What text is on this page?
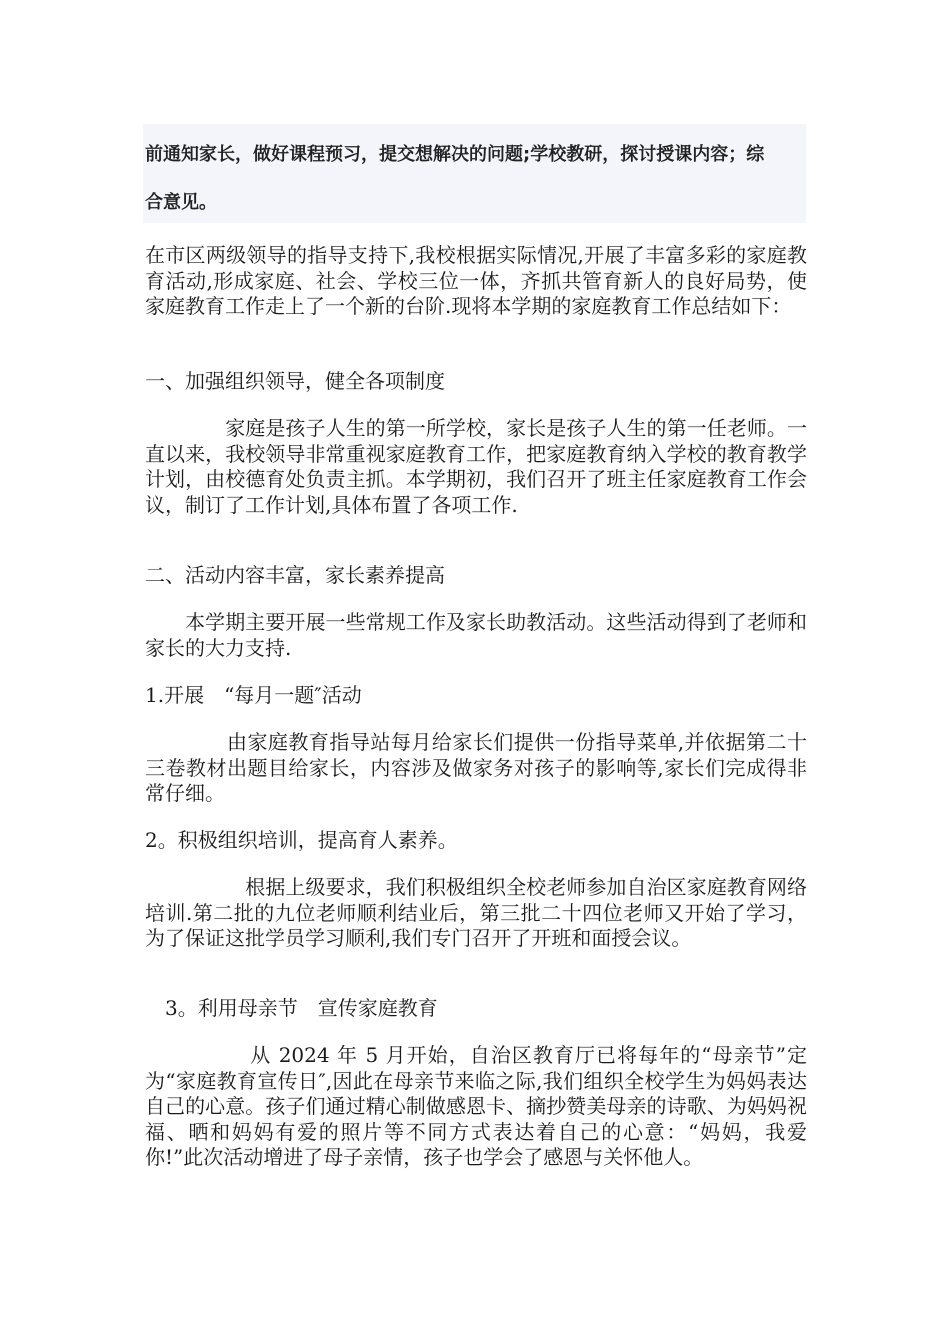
前通知家长，做好课程预习，提交想解决的问题;学校教研，探讨授课内容；综

合意见。

在市区两级领导的指导支持下,我校根据实际情况,开展了丰富多彩的家庭教育活动,形成家庭、社会、学校三位一体，齐抓共管育新人的良好局势，使家庭教育工作走上了一个新的台阶.现将本学期的家庭教育工作总结如下：

一、加强组织领导，健全各项制度

　　　　家庭是孩子人生的第一所学校，家长是孩子人生的第一任老师。一直以来，我校领导非常重视家庭教育工作，把家庭教育纳入学校的教育教学计划，由校德育处负责主抓。本学期初，我们召开了班主任家庭教育工作会议，制订了工作计划,具体布置了各项工作.

二、活动内容丰富，家长素养提高

　　本学期主要开展一些常规工作及家长助教活动。这些活动得到了老师和家长的大力支持.

1.开展　“每月一题″活动

　　　　由家庭教育指导站每月给家长们提供一份指导菜单,并依据第二十三卷教材出题目给家长，内容涉及做家务对孩子的影响等,家长们完成得非常仔细。

2。积极组织培训，提高育人素养。

　　　　　根据上级要求，我们积极组织全校老师参加自治区家庭教育网络培训.第二批的九位老师顺利结业后，第三批二十四位老师又开始了学习，为了保证这批学员学习顺利,我们专门召开了开班和面授会议。

　3。利用母亲节　宣传家庭教育

　　　　　从 2024 年 5 月开始，自治区教育厅已将每年的“母亲节”定为“家庭教育宣传日″,因此在母亲节来临之际,我们组织全校学生为妈妈表达自己的心意。孩子们通过精心制做感恩卡、摘抄赞美母亲的诗歌、为妈妈祝福、晒和妈妈有爱的照片等不同方式表达着自己的心意：“妈妈，我爱你!”此次活动增进了母子亲情，孩子也学会了感恩与关怀他人。
